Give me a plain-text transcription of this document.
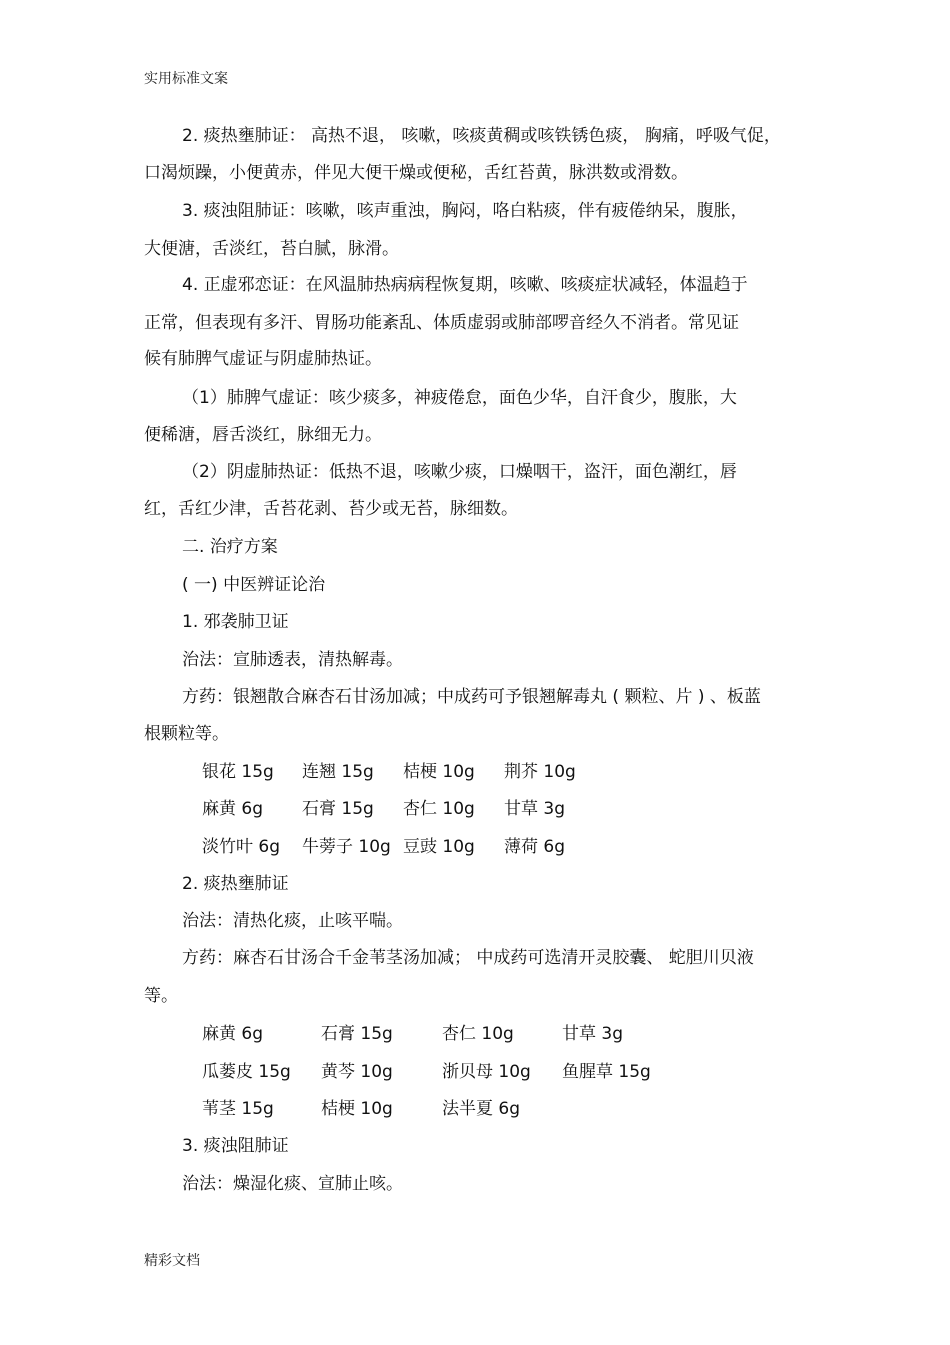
实用标准文案
2. 痰热壅肺证： 高热不退， 咳嗽，咳痰黄稠或咳铁锈色痰， 胸痛，呼吸气促，
口渴烦躁，小便黄赤，伴见大便干燥或便秘，舌红苔黄，脉洪数或滑数。
3. 痰浊阻肺证：咳嗽，咳声重浊，胸闷，咯白粘痰，伴有疲倦纳呆，腹胀，
大便溏，舌淡红，苔白腻，脉滑。
4. 正虚邪恋证：在风温肺热病病程恢复期，咳嗽、咳痰症状减轻，体温趋于
正常，但表现有多汗、胃肠功能紊乱、体质虚弱或肺部啰音经久不消者。常见证
候有肺脾气虚证与阴虚肺热证。
（1）肺脾气虚证：咳少痰多，神疲倦怠，面色少华，自汗食少，腹胀，大
便稀溏，唇舌淡红，脉细无力。
（2）阴虚肺热证：低热不退，咳嗽少痰，口燥咽干，盗汗，面色潮红，唇
红，舌红少津，舌苔花剥、苔少或无苔，脉细数。
二. 治疗方案
( 一) 中医辨证论治
1. 邪袭肺卫证
治法：宣肺透表，清热解毒。
方药：银翘散合麻杏石甘汤加减；中成药可予银翘解毒丸 ( 颗粒、片 ) 、板蓝
根颗粒等。
银花 15g 连翘 15g 桔梗 10g 荆芥 10g
麻黄 6g 石膏 15g 杏仁 10g 甘草 3g
淡竹叶 6g 牛蒡子 10g 豆豉 10g 薄荷 6g
2. 痰热壅肺证
治法：清热化痰，止咳平喘。
方药：麻杏石甘汤合千金苇茎汤加减； 中成药可选清开灵胶囊、 蛇胆川贝液
等。
麻黄 6g	石膏 15g	杏仁 10g	甘草 3g
瓜蒌皮 15g 黄芩 10g	浙贝母 10g 鱼腥草 15g
苇茎 15g	桔梗 10g	法半夏 6g
3. 痰浊阻肺证
治法：燥湿化痰、宣肺止咳。
精彩文档
